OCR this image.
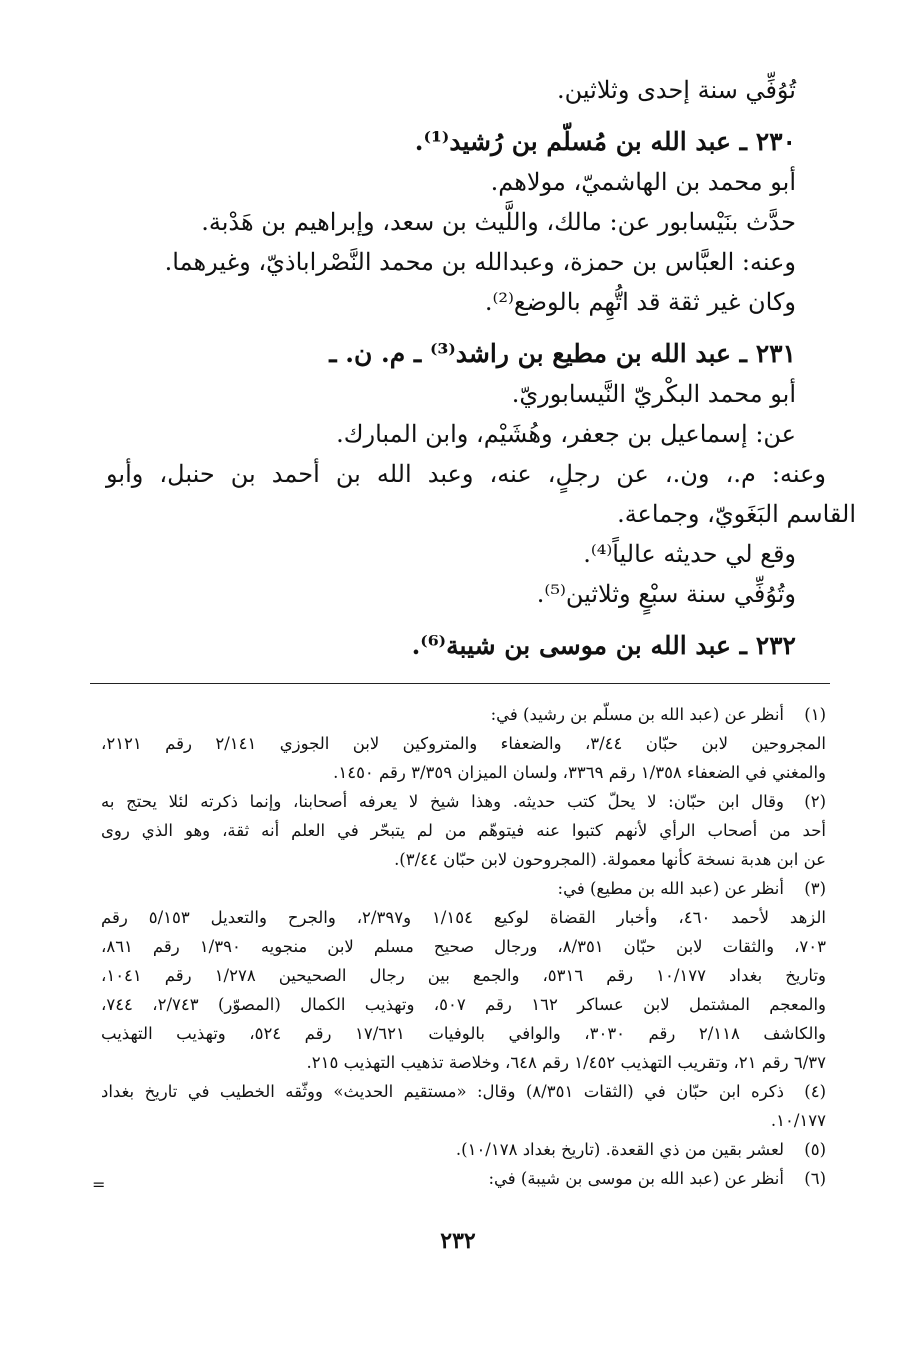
تُوُفِّي سنة إحدى وثلاثين.
٢٣٠ ـ عبد الله بن مُسلّم بن رُشيد⁽¹⁾.
أبو محمد بن الهاشميّ، مولاهم.
حدَّث بنَيْسابور عن: مالك، واللَّيث بن سعد، وإبراهيم بن هَدْبة.
وعنه: العبَّاس بن حمزة، وعبدالله بن محمد النَّصْراباذيّ، وغيرهما.
وكان غير ثقة قد اتُّهِم بالوضع⁽²⁾.
٢٣١ ـ عبد الله بن مطيع بن راشد⁽³⁾ ـ م. ن. ـ
أبو محمد البكْريّ النَّيسابوريّ.
عن: إسماعيل بن جعفر، وهُشَيْم، وابن المبارك.
وعنه: م.، ون.، عن رجلٍ، عنه، وعبد الله بن أحمد بن حنبل، وأبو
القاسم البَغَويّ، وجماعة.
وقع لي حديثه عالياً⁽⁴⁾.
وتُوُفِّي سنة سبْعٍ وثلاثين⁽⁵⁾.
٢٣٢ ـ عبد الله بن موسى بن شيبة⁽⁶⁾.
(١)
أنظر عن (عبد الله بن مسلّم بن رشيد) في:
المجروحين لابن حبّان ٣/٤٤، والضعفاء والمتروكين لابن الجوزي ٢/١٤١ رقم ٢١٢١،
والمغني في الضعفاء ١/٣٥٨ رقم ٣٣٦٩، ولسان الميزان ٣/٣٥٩ رقم ١٤٥٠.
(٢)
وقال ابن حبّان: لا يحلّ كتب حديثه. وهذا شيخ لا يعرفه أصحابنا، وإنما ذكرته لئلا يحتج به
أحد من أصحاب الرأي لأنهم كتبوا عنه فيتوهّم من لم يتبحّر في العلم أنه ثقة، وهو الذي روى
عن ابن هدبة نسخة كأنها معمولة. (المجروحون لابن حبّان ٣/٤٤).
(٣)
أنظر عن (عبد الله بن مطيع) في:
الزهد لأحمد ٤٦٠، وأخبار القضاة لوكيع ١/١٥٤ و٢/٣٩٧، والجرح والتعديل ٥/١٥٣ رقم
٧٠٣، والثقات لابن حبّان ٨/٣٥١، ورجال صحيح مسلم لابن منجويه ١/٣٩٠ رقم ٨٦١،
وتاريخ بغداد ١٠/١٧٧ رقم ٥٣١٦، والجمع بين رجال الصحيحين ١/٢٧٨ رقم ١٠٤١،
والمعجم المشتمل لابن عساكر ١٦٢ رقم ٥٠٧، وتهذيب الكمال (المصوّر) ٢/٧٤٣، ٧٤٤،
والكاشف ٢/١١٨ رقم ٣٠٣٠، والوافي بالوفيات ١٧/٦٢١ رقم ٥٢٤، وتهذيب التهذيب
٦/٣٧ رقم ٢١، وتقريب التهذيب ١/٤٥٢ رقم ٦٤٨، وخلاصة تذهيب التهذيب ٢١٥.
(٤)
ذكره ابن حبّان في (الثقات ٨/٣٥١) وقال: «مستقيم الحديث» ووثّقه الخطيب في تاريخ بغداد
١٠/١٧٧.
(٥)
لعشر بقين من ذي القعدة. (تاريخ بغداد ١٠/١٧٨).
(٦)
أنظر عن (عبد الله بن موسى بن شيبة) في:
=
٢٣٢
